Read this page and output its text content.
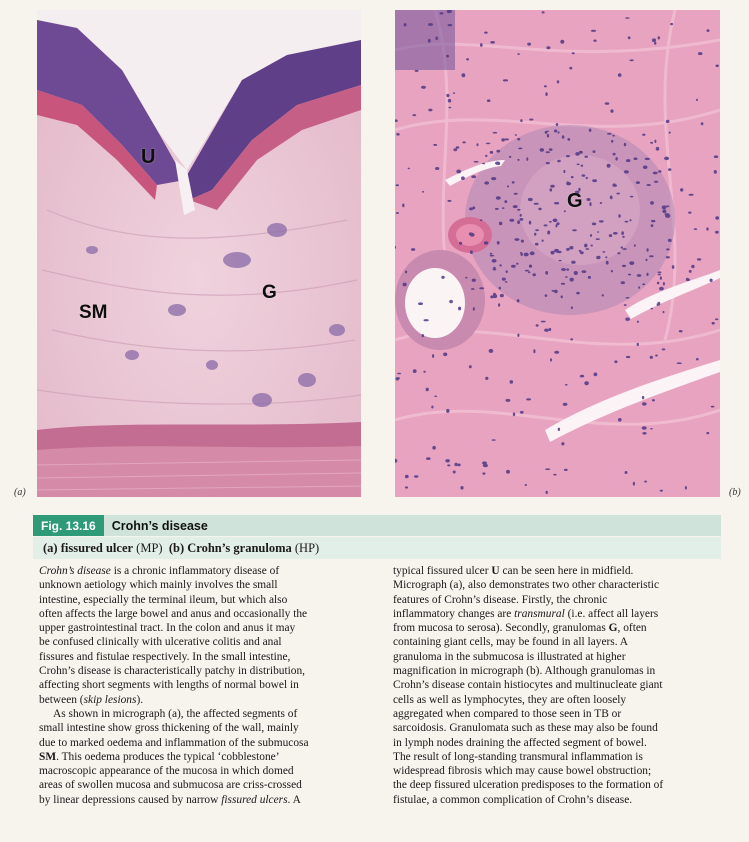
U
G
SM
G
(a)	(b)
Fig. 13.16	Crohn’s disease
(a) fissured ulcer
(MP)
(b) Crohn’s granuloma
(HP)
Crohn’s disease is a chronic inflammatory disease of
unknown aetiology which mainly involves the small
intestine, especially the terminal ileum, but which also
often affects the large bowel and anus and occasionally the
upper gastrointestinal tract. In the colon and anus it may
be confused clinically with ulcerative colitis and anal
fissures and fistulae respectively. In the small intestine,
Crohn’s disease is characteristically patchy in distribution,
affecting short segments with lengths of normal bowel in
between (skip lesions).
As shown in micrograph (a), the affected segments of
small intestine show gross thickening of the wall, mainly
due to marked oedema and inflammation of the submucosa
SM. This oedema produces the typical ‘cobblestone’
macroscopic appearance of the mucosa in which domed
areas of swollen mucosa and submucosa are criss-crossed
by linear depressions caused by narrow fissured ulcers. A
typical fissured ulcer U can be seen here in midfield.
Micrograph (a), also demonstrates two other characteristic
features of Crohn’s disease. Firstly, the chronic
inflammatory changes are transmural (i.e. affect all layers
from mucosa to serosa). Secondly, granulomas G, often
containing giant cells, may be found in all layers. A
granuloma in the submucosa is illustrated at higher
magnification in micrograph (b). Although granulomas in
Crohn’s disease contain histiocytes and multinucleate giant
cells as well as lymphocytes, they are often loosely
aggregated when compared to those seen in TB or
sarcoidosis. Granulomata such as these may also be found
in lymph nodes draining the affected segment of bowel.
The result of long-standing transmural inflammation is
widespread fibrosis which may cause bowel obstruction;
the deep fissured ulceration predisposes to the formation of
fistulae, a common complication of Crohn’s disease.
